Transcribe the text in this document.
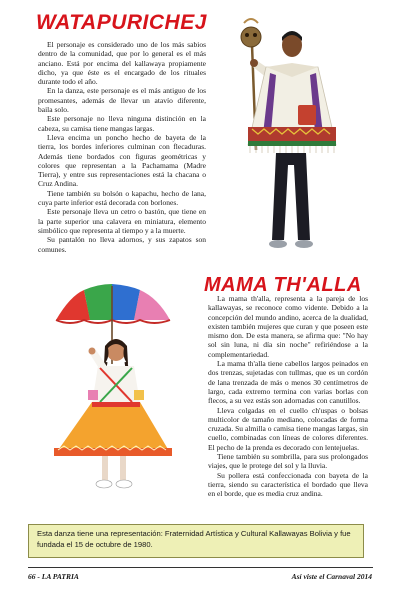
WATAPURICHEJ

El personaje es considerado uno de los más sabios dentro de la comunidad, que por lo general es el más anciano. Está por encima del kallawaya propiamente dicho, ya que éste es el encargado de los rituales durante todo el año.

En la danza, este personaje es el más antiguo de los promesantes, además de llevar un atavío diferente, baila solo.

Este personaje no lleva ninguna distinción en la cabeza, su camisa tiene mangas largas.

Lleva encima un poncho hecho de bayeta de la tierra, los bordes inferiores culminan con flecaduras. Además tiene bordados con figuras geométricas y colores que representan a la Pachamama (Madre Tierra), y entre sus representaciones está la chacana o Cruz Andina.

Tiene también su bolsón o kapachu, hecho de lana, cuya parte inferior está decorada con borlones.

Este personaje lleva un cetro o bastón, que tiene en la parte superior una calavera en miniatura, elemento simbólico que representa al tiempo y a la muerte.

Su pantalón no lleva adornos, y sus zapatos son comunes.

MAMA TH'ALLA

La mama th'alla, representa a la pareja de los kallawayas, se reconoce como vidente. Debido a la concepción del mundo andino, acerca de la dualidad, existen también mujeres que curan y que poseen este mismo don. De esta manera, se afirma que: "No hay sol sin luna, ni día sin noche" refiriéndose a la complementariedad.

La mama th'alla tiene cabellos largos peinados en dos trenzas, sujetadas con tullmas, que es un cordón de lana trenzada de más o menos 30 centímetros de largo, cada extremo termina con varias borlas con flecos, a su vez estás son adornadas con canutillos.

Lleva colgadas en el cuello ch'uspas o bolsas multicolor de tamaño mediano, colocadas de forma cruzada. Su almilla o camisa tiene mangas largas, sin cuello, combinadas con líneas de colores diferentes. El pecho de la prenda es decorado con lentejuelas.

Tiene también su sombrilla, para sus prolongados viajes, que le protege del sol y la lluvia.

Su pollera está confeccionada con bayeta de la tierra, siendo su característica el bordado que lleva en el borde, que es media cruz andina.

Esta danza tiene una representación: Fraternidad Artística y Cultural Kallawayas Bolivia y fue fundada el 15 de octubre de 1980.
66 - LA PATRIA	Así viste el Carnaval 2014
